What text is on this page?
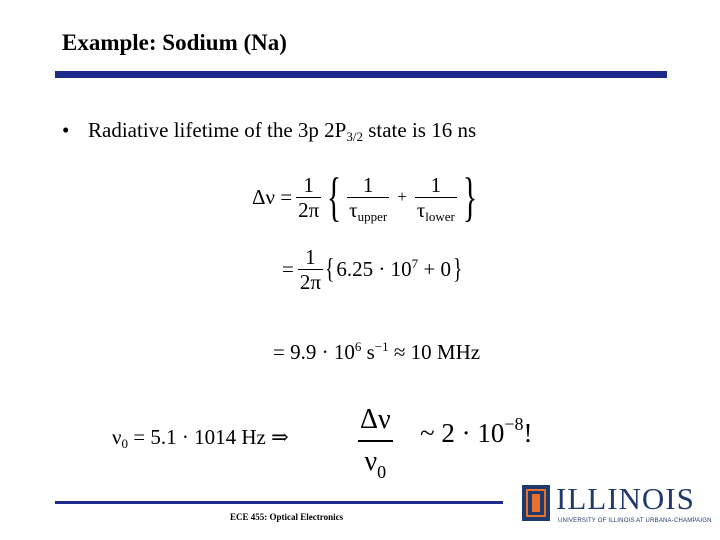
Example: Sodium (Na)
• Radiative lifetime of the 3p $2P_{3/2}$ state is 16 ns
$\Delta\nu = \frac{1}{2\pi}$ { $\frac{1}{\tau_{upper}} + \frac{1}{\tau_{lower}}$ }
= $\frac{1}{2\pi}$ { $6.25 \cdot 10^7 + 0$ }
= $9.9 \cdot 10^6$ $s^{-1} \approx 10$ MHz
$\nu_0 = 5.1 \cdot 1014$ Hz ⇒ $\frac{\Delta\nu}{\nu_0}$ ~ $2 \cdot 10^{-8}$!
ECE 455: Optical Electronics
ILLINOIS
UNIVERSITY OF ILLINOIS AT URBANA-CHAMPAIGN
